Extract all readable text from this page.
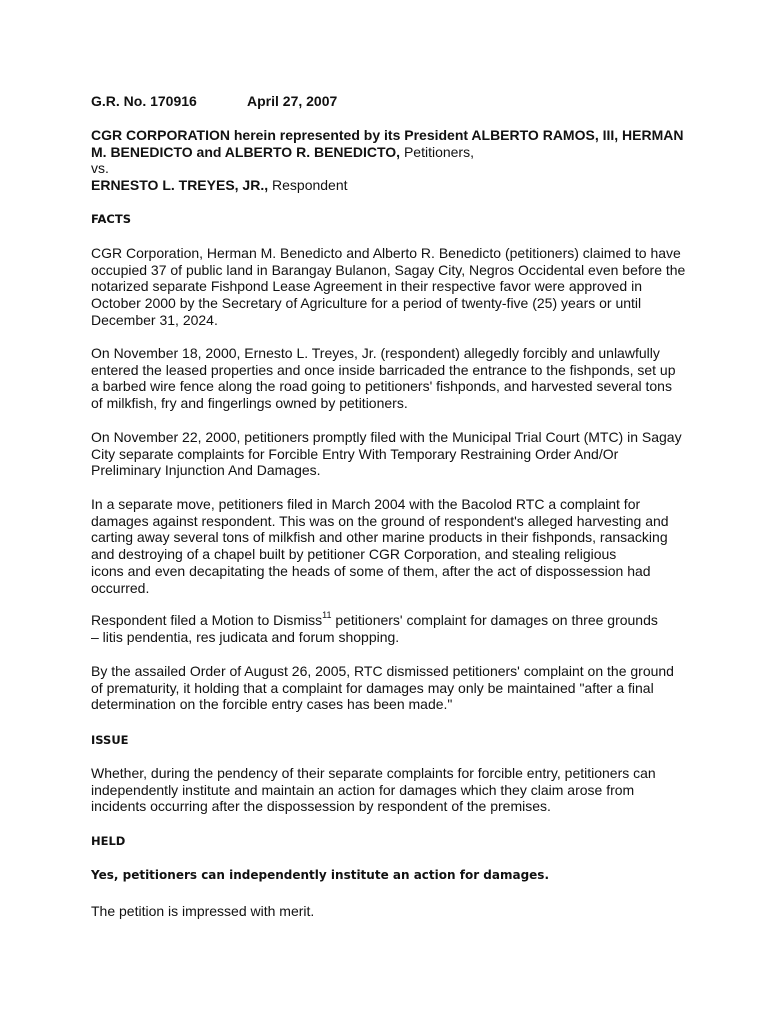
G.R. No. 170916	April 27, 2007

CGR CORPORATION herein represented by its President ALBERTO RAMOS, III, HERMAN

M. BENEDICTO and ALBERTO R. BENEDICTO, Petitioners,

vs.

ERNESTO L. TREYES, JR., Respondent

FACTS

CGR Corporation, Herman M. Benedicto and Alberto R. Benedicto (petitioners) claimed to have

occupied 37 of public land in Barangay Bulanon, Sagay City, Negros Occidental even before the

notarized separate Fishpond Lease Agreement in their respective favor were approved in

October 2000 by the Secretary of Agriculture for a period of twenty-five (25) years or until

December 31, 2024.

On November 18, 2000, Ernesto L. Treyes, Jr. (respondent) allegedly forcibly and unlawfully

entered the leased properties and once inside barricaded the entrance to the fishponds, set up

a barbed wire fence along the road going to petitioners' fishponds, and harvested several tons

of milkfish, fry and fingerlings owned by petitioners.

On November 22, 2000, petitioners promptly filed with the Municipal Trial Court (MTC) in Sagay

City separate complaints for Forcible Entry With Temporary Restraining Order And/Or

Preliminary Injunction And Damages.

In a separate move, petitioners filed in March 2004 with the Bacolod RTC a complaint for

damages against respondent. This was on the ground of respondent's alleged harvesting and

carting away several tons of milkfish and other marine products in their fishponds, ransacking

and destroying of a chapel built by petitioner CGR Corporation, and stealing religious

icons and even decapitating the heads of some of them, after the act of dispossession had

occurred.

Respondent filed a Motion to Dismiss$^{11}$ petitioners' complaint for damages on three grounds

– litis pendentia, res judicata and forum shopping.

By the assailed Order of August 26, 2005, RTC dismissed petitioners' complaint on the ground

of prematurity, it holding that a complaint for damages may only be maintained "after a final

determination on the forcible entry cases has been made."

ISSUE

Whether, during the pendency of their separate complaints for forcible entry, petitioners can

independently institute and maintain an action for damages which they claim arose from

incidents occurring after the dispossession by respondent of the premises.

HELD
Yes, petitioners can independently institute an action for damages.

The petition is impressed with merit.
